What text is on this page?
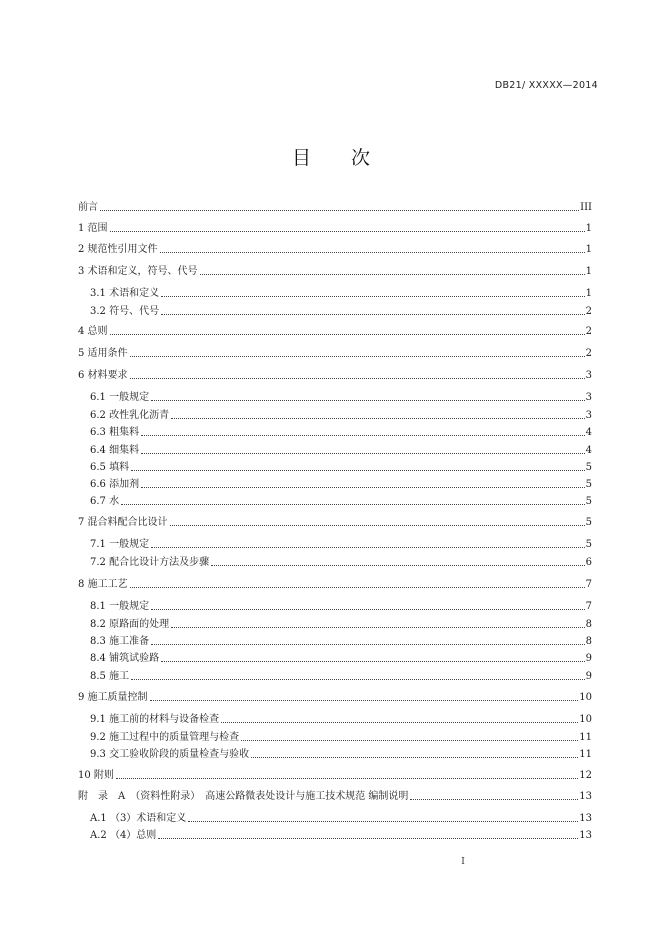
DB21/ XXXXX—2014
目 次
前言	III
1 范围	1
2 规范性引用文件	1
3 术语和定义，符号、代号	1
3.1 术语和定义	1
3.2 符号、代号	2
4 总则	2
5 适用条件	2
6 材料要求	3
6.1 一般规定	3
6.2 改性乳化沥青	3
6.3 粗集料	4
6.4 细集料	4
6.5 填料	5
6.6 添加剂	5
6.7 水	5
7 混合料配合比设计	5
7.1 一般规定	5
7.2 配合比设计方法及步骤	6
8 施工工艺	7
8.1 一般规定	7
8.2 原路面的处理	8
8.3 施工准备	8
8.4 铺筑试验路	9
8.5 施工	9
9 施工质量控制	10
9.1 施工前的材料与设备检查	10
9.2 施工过程中的质量管理与检查	11
9.3 交工验收阶段的质量检查与验收	11
10 附则	12
附　录　A　（资料性附录）　高速公路微表处设计与施工技术规范 编制说明	13
A.1 （3）术语和定义	13
A.2 （4）总则	13
I
